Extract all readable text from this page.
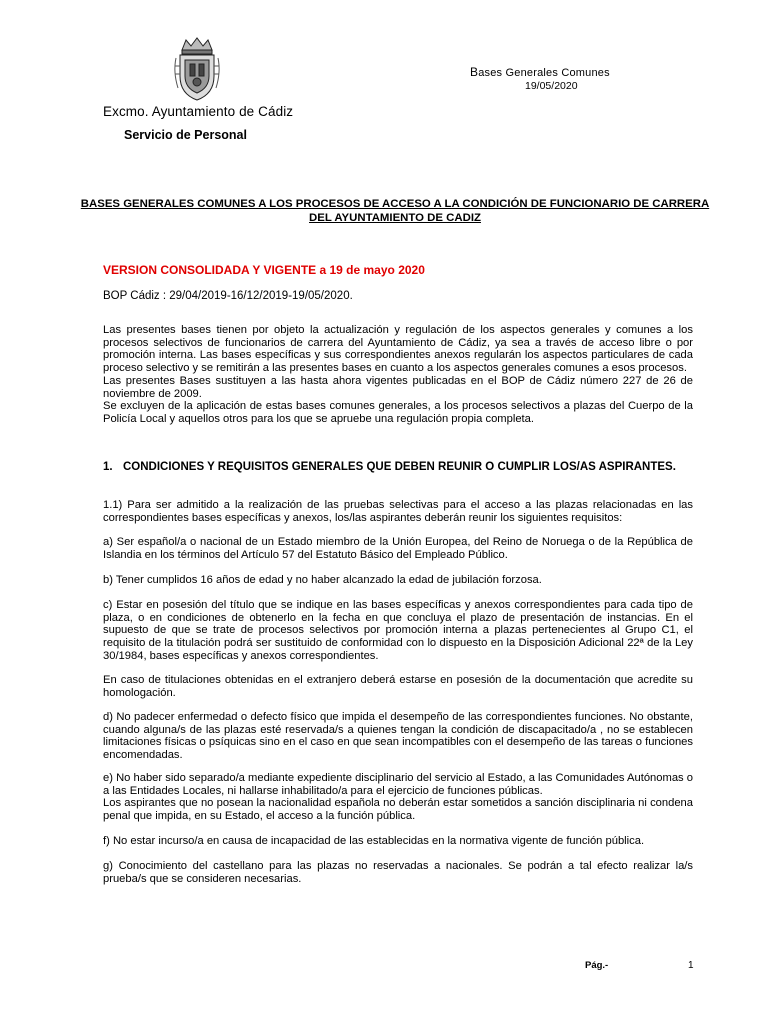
Bases Generales Comunes
19/05/2020
Excmo. Ayuntamiento de Cádiz
Servicio de Personal
BASES GENERALES COMUNES A LOS PROCESOS DE ACCESO A LA CONDICIÓN DE FUNCIONARIO DE CARRERA DEL AYUNTAMIENTO DE CADIZ
VERSION CONSOLIDADA Y VIGENTE a 19 de mayo 2020
BOP Cádiz : 29/04/2019-16/12/2019-19/05/2020.

Las presentes bases tienen por objeto la actualización y regulación de los aspectos generales y comunes a los procesos selectivos de funcionarios de carrera del Ayuntamiento de Cádiz, ya sea a través de acceso libre o por promoción interna. Las bases específicas y sus correspondientes anexos regularán los aspectos particulares de cada proceso selectivo y se remitirán a las presentes bases en cuanto a los aspectos generales comunes a esos procesos.

Las presentes Bases sustituyen a las hasta ahora vigentes publicadas en el BOP de Cádiz número 227 de 26 de noviembre de 2009.

Se excluyen de la aplicación de estas bases comunes generales, a los procesos selectivos a plazas del Cuerpo de la Policía Local y aquellos otros para los que se apruebe una regulación propia completa.

1. CONDICIONES Y REQUISITOS GENERALES QUE DEBEN REUNIR O CUMPLIR LOS/AS ASPIRANTES.
1.1) Para ser admitido a la realización de las pruebas selectivas para el acceso a las plazas relacionadas en las correspondientes bases específicas y anexos, los/las aspirantes deberán reunir los siguientes requisitos:
a) Ser español/a o nacional de un Estado miembro de la Unión Europea, del Reino de Noruega o de la República de Islandia en los términos del Artículo 57 del Estatuto Básico del Empleado Público.
b) Tener cumplidos 16 años de edad y no haber alcanzado la edad de jubilación forzosa.
c) Estar en posesión del título que se indique en las bases específicas y anexos correspondientes para cada tipo de plaza, o en condiciones de obtenerlo en la fecha en que concluya el plazo de presentación de instancias. En el supuesto de que se trate de procesos selectivos por promoción interna a plazas pertenecientes al Grupo C1, el requisito de la titulación podrá ser sustituido de conformidad con lo dispuesto en la Disposición Adicional 22ª de la Ley 30/1984, bases específicas y anexos correspondientes.
En caso de titulaciones obtenidas en el extranjero deberá estarse en posesión de la documentación que acredite su homologación.
d) No padecer enfermedad o defecto físico que impida el desempeño de las correspondientes funciones. No obstante, cuando alguna/s de las plazas esté reservada/s a quienes tengan la condición de discapacitado/a , no se establecen limitaciones físicas o psíquicas sino en el caso en que sean incompatibles con el desempeño de las tareas o funciones encomendadas.

e) No haber sido separado/a mediante expediente disciplinario del servicio al Estado, a las Comunidades Autónomas o a las Entidades Locales, ni hallarse inhabilitado/a para el ejercicio de funciones públicas.

Los aspirantes que no posean la nacionalidad española no deberán estar sometidos a sanción disciplinaria ni condena penal que impida, en su Estado, el acceso a la función pública.

f) No estar incurso/a en causa de incapacidad de las establecidas en la normativa vigente de función pública.
g) Conocimiento del castellano para las plazas no reservadas a nacionales. Se podrán a tal efecto realizar la/s prueba/s que se consideren necesarias.
Pág.-	1
